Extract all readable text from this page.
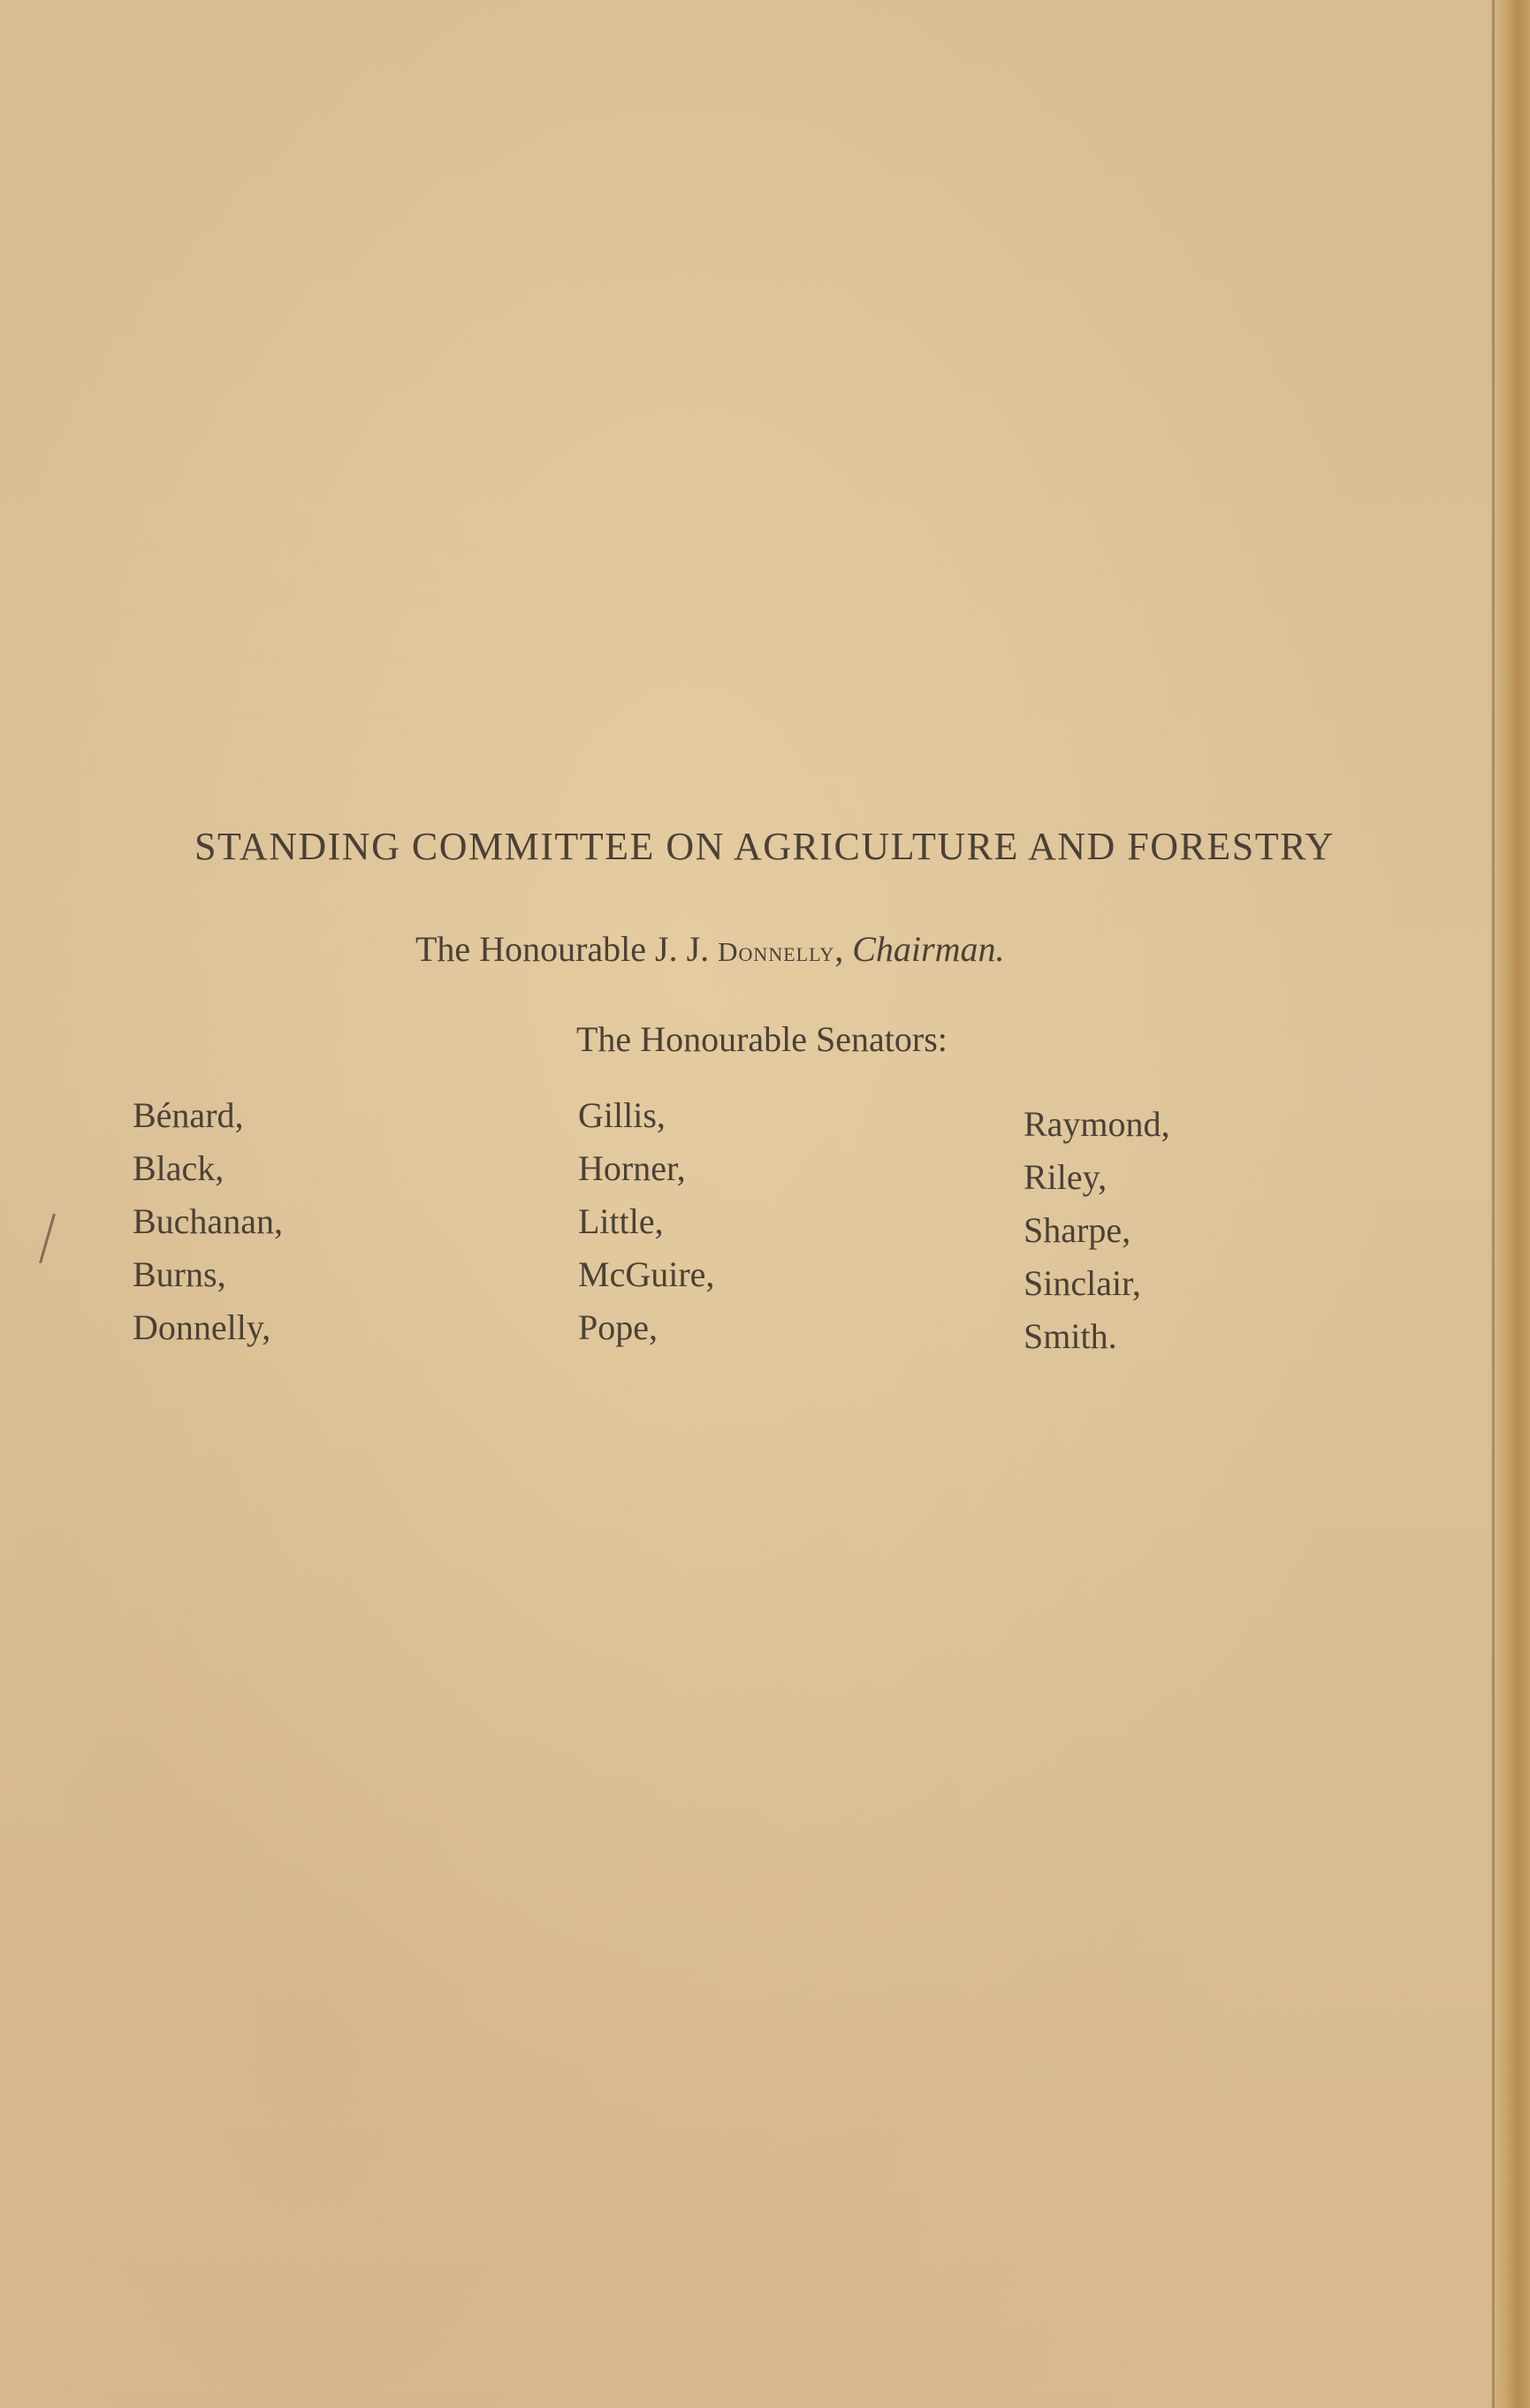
STANDING COMMITTEE ON AGRICULTURE AND FORESTRY
The Honourable J. J. Donnelly, Chairman.
The Honourable Senators:
Bénard,
Black,
Buchanan,
Burns,
Donnelly,
Gillis,
Horner,
Little,
McGuire,
Pope,
Raymond,
Riley,
Sharpe,
Sinclair,
Smith.
